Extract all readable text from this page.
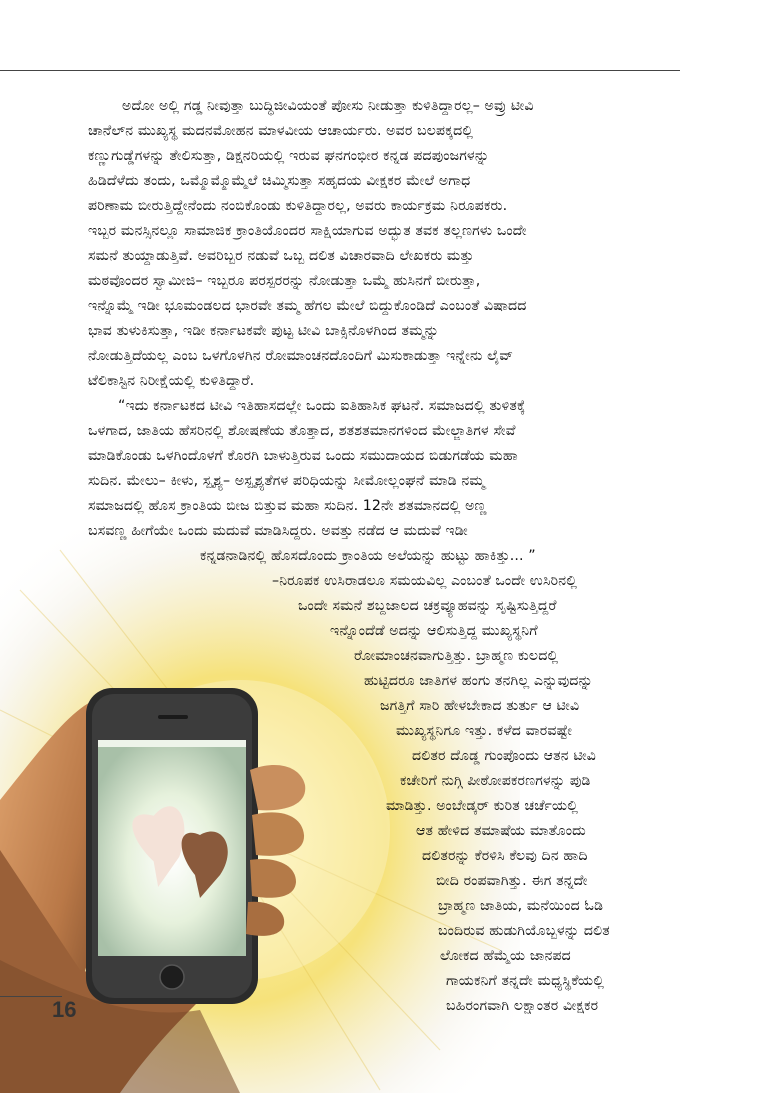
16
ಅದೋ ಅಲ್ಲಿ ಗಡ್ಡ ನೀವುತ್ತಾ ಬುದ್ಧಿಜೀವಿಯಂತೆ ಪೋಸು ನೀಡುತ್ತಾ ಕುಳಿತಿದ್ದಾರಲ್ಲ– ಅವ್ರು ಟೀವಿ
ಚಾನೆಲ್‌ನ ಮುಖ್ಯಸ್ಥ ಮದನಮೋಹನ ಮಾಳವೀಯ ಆಚಾರ್ಯರು. ಅವರ ಬಲಪಕ್ಕದಲ್ಲಿ
ಕಣ್ಣುಗುಡ್ಡೆಗಳನ್ನು ತೇಲಿಸುತ್ತಾ, ಡಿಕ್ಷನರಿಯಲ್ಲಿ ಇರುವ ಘನಗಂಭೀರ ಕನ್ನಡ ಪದಪುಂಜಗಳನ್ನು
ಹಿಡಿದೆಳೆದು ತಂದು, ಒಮ್ಮೊಮ್ಮೊಮ್ಮೆಲೆ ಚಿಮ್ಮಿಸುತ್ತಾ ಸಹೃದಯ ವೀಕ್ಷಕರ ಮೇಲೆ ಅಗಾಧ
ಪರಿಣಾಮ ಬೀರುತ್ತಿದ್ದೇನೆಂದು ನಂಬಿಕೊಂಡು ಕುಳಿತಿದ್ದಾರಲ್ಲ, ಅವರು ಕಾರ್ಯಕ್ರಮ ನಿರೂಪಕರು.
ಇಬ್ಬರ ಮನಸ್ಸಿನಲ್ಲೂ ಸಾಮಾಜಿಕ ಕ್ರಾಂತಿಯೊಂದರ ಸಾಕ್ಷಿಯಾಗುವ ಅದ್ಭುತ ತವಕ ತಲ್ಲಣಗಳು ಒಂದೇ
ಸಮನೆ ತುಯ್ದಾಡುತ್ತಿವೆ. ಅವರಿಬ್ಬರ ನಡುವೆ ಒಬ್ಬ ದಲಿತ ವಿಚಾರವಾದಿ ಲೇಖಕರು ಮತ್ತು
ಮಠವೊಂದರ ಸ್ವಾಮೀಜಿ– ಇಬ್ಬರೂ ಪರಸ್ಪರರನ್ನು ನೋಡುತ್ತಾ ಒಮ್ಮೆ ಹುಸಿನಗೆ ಬೀರುತ್ತಾ,
ಇನ್ನೊಮ್ಮೆ ಇಡೀ ಭೂಮಂಡಲದ ಭಾರವೇ ತಮ್ಮ ಹೆಗಲ ಮೇಲೆ ಬಿದ್ದುಕೊಂಡಿದೆ ಎಂಬಂತೆ ವಿಷಾದದ
ಭಾವ ತುಳುಕಿಸುತ್ತಾ, ಇಡೀ ಕರ್ನಾಟಕವೇ ಪುಟ್ಟ ಟೀವಿ ಬಾಕ್ಸಿನೊಳಗಿಂದ ತಮ್ಮನ್ನು
ನೋಡುತ್ತಿದೆಯಲ್ಲ ಎಂಬ ಒಳಗೊಳಗಿನ ರೋಮಾಂಚನದೊಂದಿಗೆ ಮಿಸುಕಾಡುತ್ತಾ ಇನ್ನೇನು ಲೈವ್
ಟೆಲಿಕಾಸ್ಟಿನ ನಿರೀಕ್ಷೆಯಲ್ಲಿ ಕುಳಿತಿದ್ದಾರೆ.
“ಇದು ಕರ್ನಾಟಕದ ಟೀವಿ ಇತಿಹಾಸದಲ್ಲೇ ಒಂದು ಐತಿಹಾಸಿಕ ಘಟನೆ. ಸಮಾಜದಲ್ಲಿ ತುಳಿತಕ್ಕೆ
ಒಳಗಾದ, ಜಾತಿಯ ಹೆಸರಿನಲ್ಲಿ ಶೋಷಣೆಯ ತೊತ್ತಾದ, ಶತಶತಮಾನಗಳಿಂದ ಮೇಲ್ಜಾತಿಗಳ ಸೇವೆ
ಮಾಡಿಕೊಂಡು ಒಳಗಿಂದೊಳಗೆ ಕೊರಗಿ ಬಾಳುತ್ತಿರುವ ಒಂದು ಸಮುದಾಯದ ಬಿಡುಗಡೆಯ ಮಹಾ
ಸುದಿನ. ಮೇಲು– ಕೀಳು, ಸ್ಪೃಶ್ಯ– ಅಸ್ಪೃಶ್ಯತೆಗಳ ಪರಿಧಿಯನ್ನು ಸೀಮೋಲ್ಲಂಘನೆ ಮಾಡಿ ನಮ್ಮ
ಸಮಾಜದಲ್ಲಿ ಹೊಸ ಕ್ರಾಂತಿಯ ಬೀಜ ಬಿತ್ತುವ ಮಹಾ ಸುದಿನ. 12ನೇ ಶತಮಾನದಲ್ಲಿ ಅಣ್ಣ
ಬಸವಣ್ಣ ಹೀಗೆಯೇ ಒಂದು ಮದುವೆ ಮಾಡಿಸಿದ್ದರು. ಅವತ್ತು ನಡೆದ ಆ ಮದುವೆ ಇಡೀ
ಕನ್ನಡನಾಡಿನಲ್ಲಿ ಹೊಸದೊಂದು ಕ್ರಾಂತಿಯ ಅಲೆಯನ್ನು ಹುಟ್ಟು ಹಾಕಿತ್ತು... ”
–ನಿರೂಪಕ ಉಸಿರಾಡಲೂ ಸಮಯವಿಲ್ಲ ಎಂಬಂತೆ ಒಂದೇ ಉಸಿರಿನಲ್ಲಿ
ಒಂದೇ ಸಮನೆ ಶಬ್ದಜಾಲದ ಚಕ್ರವ್ಯೂಹವನ್ನು ಸೃಷ್ಟಿಸುತ್ತಿದ್ದರೆ
ಇನ್ನೊಂದೆಡೆ ಅದನ್ನು ಆಲಿಸುತ್ತಿದ್ದ ಮುಖ್ಯಸ್ಥನಿಗೆ
ರೋಮಾಂಚನವಾಗುತ್ತಿತ್ತು. ಬ್ರಾಹ್ಮಣ ಕುಲದಲ್ಲಿ
ಹುಟ್ಟಿದರೂ ಜಾತಿಗಳ ಹಂಗು ತನಗಿಲ್ಲ ಎನ್ನುವುದನ್ನು
ಜಗತ್ತಿಗೆ ಸಾರಿ ಹೇಳಬೇಕಾದ ತುರ್ತು ಆ ಟೀವಿ
ಮುಖ್ಯಸ್ಥನಿಗೂ ಇತ್ತು. ಕಳೆದ ವಾರವಷ್ಟೇ
ದಲಿತರ ದೊಡ್ಡ ಗುಂಪೊಂದು ಆತನ ಟೀವಿ
ಕಚೇರಿಗೆ ನುಗ್ಗಿ ಪೀಠೋಪಕರಣಗಳನ್ನು ಪುಡಿ
ಮಾಡಿತ್ತು. ಅಂಬೇಡ್ಕರ್ ಕುರಿತ ಚರ್ಚೆಯಲ್ಲಿ
ಆತ ಹೇಳಿದ ತಮಾಷೆಯ ಮಾತೊಂದು
ದಲಿತರನ್ನು ಕೆರಳಿಸಿ ಕೆಲವು ದಿನ ಹಾದಿ
ಬೀದಿ ರಂಪವಾಗಿತ್ತು. ಈಗ ತನ್ನದೇ
ಬ್ರಾಹ್ಮಣ ಜಾತಿಯ, ಮನೆಯಿಂದ ಓಡಿ
ಬಂದಿರುವ ಹುಡುಗಿಯೊಬ್ಬಳನ್ನು ದಲಿತ
ಲೋಕದ ಹೆಮ್ಮೆಯ ಜಾನಪದ
ಗಾಯಕನಿಗೆ ತನ್ನದೇ ಮಧ್ಯಸ್ಥಿಕೆಯಲ್ಲಿ
ಬಹಿರಂಗವಾಗಿ ಲಕ್ಷಾಂತರ ವೀಕ್ಷಕರ
